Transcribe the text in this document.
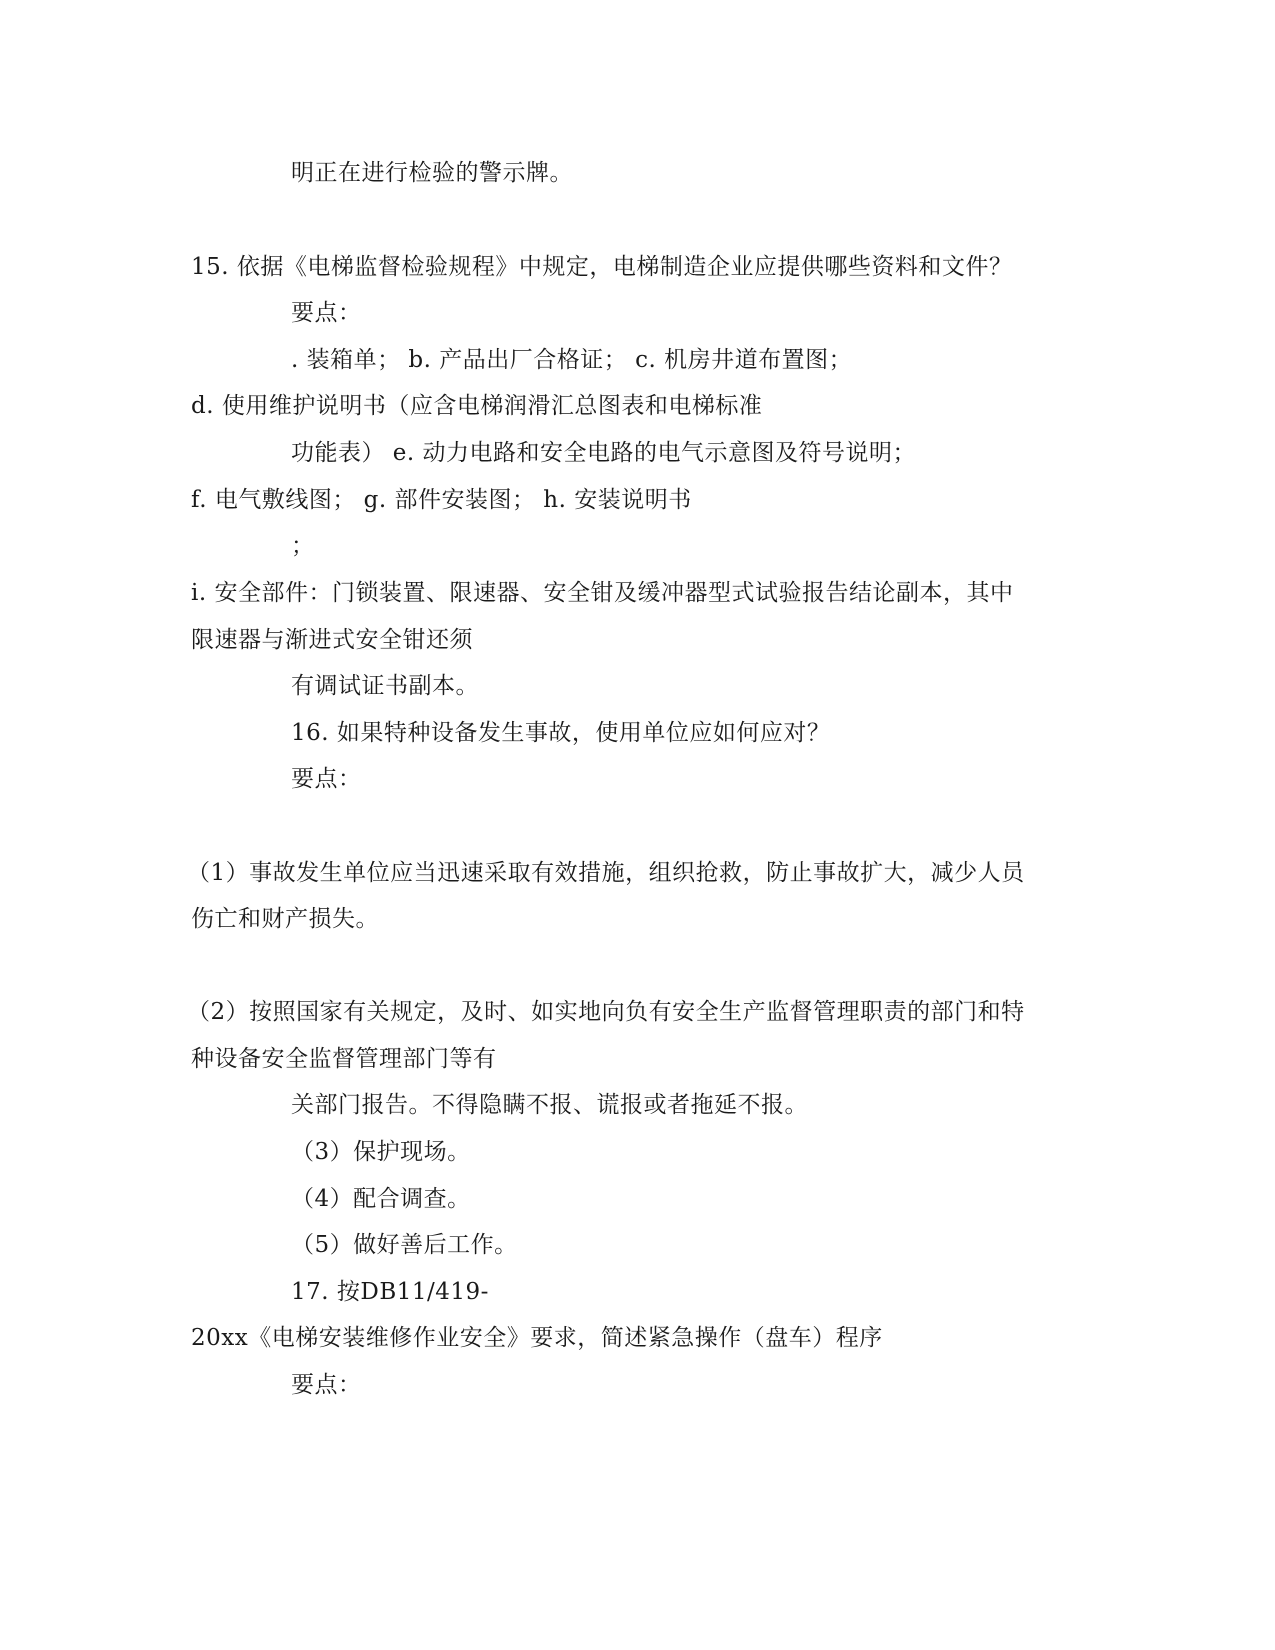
明正在进行检验的警示牌。
15. 依据《电梯监督检验规程》中规定，电梯制造企业应提供哪些资料和文件？
要点：
. 装箱单； b. 产品出厂合格证； c. 机房井道布置图；
d. 使用维护说明书（应含电梯润滑汇总图表和电梯标准
功能表） e. 动力电路和安全电路的电气示意图及符号说明；
f. 电气敷线图； g. 部件安装图； h. 安装说明书
；
i. 安全部件：门锁装置、限速器、安全钳及缓冲器型式试验报告结论副本，其中
限速器与渐进式安全钳还须
有调试证书副本。
16. 如果特种设备发生事故，使用单位应如何应对？
要点：
（1）事故发生单位应当迅速采取有效措施，组织抢救，防止事故扩大，减少人员
伤亡和财产损失。
（2）按照国家有关规定，及时、如实地向负有安全生产监督管理职责的部门和特
种设备安全监督管理部门等有
关部门报告。不得隐瞒不报、谎报或者拖延不报。
（3）保护现场。
（4）配合调查。
（5）做好善后工作。
17. 按DB11/419-
20xx《电梯安装维修作业安全》要求，简述紧急操作（盘车）程序
要点：
